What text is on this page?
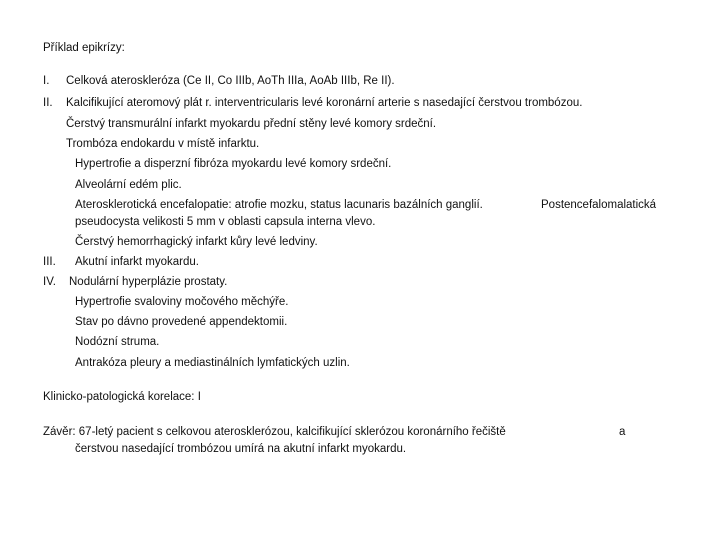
Příklad epikrízy:
I. Celková ateroskleróza (Ce II, Co IIIb, AoTh IIIa, AoAb IIIb, Re II).
II. Kalcifikující ateromový plát r. interventricularis levé koronární arterie s nasedající čerstvou trombózou.
Čerstvý transmurální infarkt myokardu přední stěny levé komory srdeční.
Trombóza endokardu v místě infarktu.
Hypertrofie a disperzní fibróza myokardu levé komory srdeční.
Alveolární edém plic.
Aterosklerotická encefalopatie: atrofie mozku, status lacunaris bazálních ganglií.	Postencefalomalatická
pseudocysta velikosti 5 mm v oblasti capsula interna vlevo.
Čerstvý hemorrhagický infarkt kůry levé ledviny.
III. Akutní infarkt myokardu.
IV. Nodulární hyperplázie prostaty.
Hypertrofie svaloviny močového měchýře.
Stav po dávno provedené appendektomii.
Nodózní struma.
Antrakóza pleury a mediastinálních lymfatických uzlin.
Klinicko-patologická korelace: I
Závěr: 67-letý pacient s celkovou aterosklerózou, kalcifikující sklerózou koronárního řečiště	a
čerstvou nasedající trombózou umírá na akutní infarkt myokardu.
